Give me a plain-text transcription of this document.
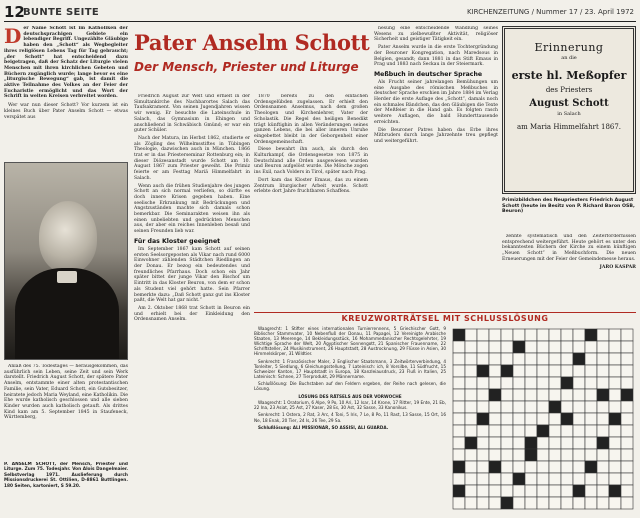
12
BUNTE SEITE	KIRCHENZEITUNG / Nummer 17 / 23. April 1972
D er Name Schott ist im Katholiken der deutschsprachigen Gebiete ein lebendiger Begriff. Ungezählte Gläubige haben den „Schott“ als Wegbegleiter ihres religiösen Lebens Tag für Tag gebraucht; „der Schott“ hat entscheidend dazu beigetragen, daß der Schatz der Liturgie vielen Menschen mit ihren kirchlichen Gebeten und Büchern zugänglich wurde; lange bevor es eine „liturgische Bewegung“ gab, ist damit die aktive Teilnahme des Volkes an der Feier der Eucharistie ermöglicht und das Wort der Schrift in weiten Kreisen verbreitet worden.

Wer war nun dieser Schott? Vor kurzem ist ein kleines Buch über Pater Anselm Schott — etwas verspätet aus

Anlaß des 75. Todestages — herausgekommen, das ausführlich sein Leben, seine Zeit und sein Werk darstellt. Friedrich August Schott, der spätere Pater Anselm, entstammte einer alten protestantischen Familie, sein Vater, Eduard Schott, ein Gutsbesitzer, heiratete jedoch Maria Weyland, eine Katholikin. Die Ehe wurde katholisch geschlossen und alle sieben Kinder wurden auch katholisch getauft. Als drittes Kind kam am 5. September 1845 in Staufeneck, Württemberg,

P. ANSELM SCHOTT, der Mensch, Priester und Liturge. Zum 75. Todesjahr. Von Alois Dangelmaier. Selbstverlag 1971. Auslieferung durch Missionsdruckerei St. Ottilien, D-8861 Buttlingen. 180 Seiten, kartoniert, S 59.20.
Pater Anselm Schott
Der Mensch, Priester und Liturge

Friedrich August zur Welt und erhielt in der Simultankirche des Nachbarortes Salach das Taufsakrament. Von seinen Jugendjahren wissen wir wenig. Er besuchte die Lateinschule in Salach, das Gymnasium in Ehingen und anschließend in Schwäbisch Gmünd; er war ein guter Schüler.

Nach der Matura, im Herbst 1862, studierte er als Zögling des Wilhelmsstiftes in Tübingen Theologie, dazwischen auch in München. 1866 trat er in das Priesterseminar Rottenburg ein; in dieser Diözesanstadt wurde Schott am 10. August 1867 zum Priester geweiht. Die Primiz feierte er am Festtag Mariä Himmelfahrt in Salach.

Wenn auch die frühen Studienjahre des jungen Schott an sich normal verliefen, so dürfte es doch innere Krisen gegeben haben. Eine seelische Erkrankung mit Bedrückungen und Angstzuständen machte sich damals schon bemerkbar. Die Seminarakten weisen ihn als einen unbeliebten und gedrückten Menschen aus, der aber ein reiches Innenleben besaß und seinen Freunden lieb war.

Für das Kloster geeignet

Im September 1867 kam Schott auf seinen ersten Seelsorgeposten als Vikar nach rund 6000 Einwohner zählenden Städtchen Riedlingen an der Donau. Er bezog ein bedeutendes und freundliches Pfarrhaus. Doch schon ein Jahr später bittet der junge Vikar den Bischof um Eintritt in das Kloster Beuron, von dem er schon als Student viel gehört hatte. Sein Pfarrer bemerkte dazu: „Daß Schott ganz gut ins Kloster paßt, die Welt hat gar nicht.“

Am 2. Oktober 1868 trat Schott in Beuron ein und erhielt bei der Einkleidung den Ordensnamen Anselm.

1870 bereits zu den einfachen Ordensgelübden zugelassen. Er erhielt den Ordensnamen Anselmus, nach dem großen Theologen und Kirchenlehrer, Vater der Scholastik. Die Regel des heiligen Benedikt trägt künftighin in allen Veränderungen seines ganzen Lebens, die bei aller inneren Unruhe eingebettet bleibt in der Geborgenheit einer Ordensgemeinschaft.

Diese bewahrt ihn auch, als durch den Kulturkampf, die Ordensgesetze von 1875 in Deutschland alle Orden ausgewiesen wurden und Beuron aufgelöst wurde. Die Mönche zogen ins Exil, nach Volders in Tirol, später nach Prag.

Dort kam das Kloster Emaus, das zu einem Zentrum liturgischer Arbeit wurde. Schott erlebte dort Jahre fruchtbaren Schaffens.

nesung eine entscheidende Wandlung seines Wesens zu zielbewußter Aktivität, religiöser Sicherheit und geistiger Tätigkeit ein.

Pater Anselm wurde in die erste Tochtergründung der Beuroner Kongregation, nach Maredsous in Belgien, gesandt; dann 1881 in das Stift Emaus in Prag und 1883 nach Seckau in der Steiermark.

Meßbuch in deutscher Sprache

Als Frucht seiner jahrelangen Bemühungen um eine Ausgabe des römischen Meßbuches in deutscher Sprache erschien im Jahre 1884 im Verlag Herder die erste Auflage des „Schott“, damals noch ein schmales Bändchen, das den Gläubigen die Texte der Meßfeier in die Hand gab. Es folgten rasch weitere Auflagen, die bald Hunderttausende erreichten.

Die Beuroner Patres haben das Erbe ihres Mitbruders durch lange Jahrzehnte treu gepflegt und weitergeführt.

Erinnerung
an die
erste hl. Meßopfer
des Priesters
August Schott
in Salach
am Maria Himmelfahrt 1867.
Primizbildchen des Neupriesters Friedrich August Schott (heute im Besitz von P. Richard Baron OSB, Beuron)

zehnte systematisch und den Zeiterfordernissen entsprechend weitergeführt. Heute gehört es unter den bekanntesten Büchern der Kirche zu einem künftigen „Neuen Schott“ in Meßbuchform. Die neuen Erneuerungen mit der Feier der Gemeindemesse heraus.

JARO KASPAR

KREUZWORTRÄTSEL MIT SCHLUSSLÖSUNG

Waagrecht: 1 Stifter eines internationalen Turnierrennens, 5 Griechischer Gott, 9 Biblischer Stammvater, 10 Nebenfluß der Donau, 11 Papagei, 12 Vereinigte Arabische Staaten, 13 Meerenge, 14 Bekleidungsstück, 16 Mohammedanischer Rechtsgelehrter, 19 Wichtige Sprache der Welt, 20 Ägyptischer Sonnengott, 21 Spanischer Frauenname, 22 Schriftsteller, 24 Musikinstrument, 26 Hauptstadt, 28 Austrocknung, 29 Flüsse in Asien, 30 Himmelskörper, 31 Wildtier.

Senkrecht: 1 Französischer Maler, 2 Englischer Staatsmann, 3 Zeitwörterverbindung, 4 Tonleiter, 5 Siedlung, 6 Gleichungsstellung, 7 Lateinisch: ich, 8 Vorsilbe, 11 Südfrucht, 15 Schweizer Kanton, 17 Hauptstadt in Europa, 18 Kanzleiausdruck, 23 Fluß in Italien, 25 Lateinisch: Schnee, 27 Tierprodukt, 29 Männername.

Schlußlösung: Die Buchstaben auf den Feldern ergeben, der Reihe nach gelesen, die Lösung.

LÖSUNG DES RÄTSELS AUS DER VORWOCHE

Waagrecht: 1 Oratorium, 6 Alpe, 9 Po, 10 Ari, 12 Isar, 14 Krone, 17 Ritter, 19 Ente, 21 Eb, 22 Ina, 23 Asiat, 25 Ast, 27 Kaser, 28 Es, 30 Ast, 32 Sasse, 33 Kanonikus.

Senkrecht: 1 Ostera, 2 Rat, 3 Arc, 4 Toni, 5 Iris, 7 Le, 8 Po, 11 Rast, 13 Sasse, 15 Ort, 16 Ne, 18 Enak, 20 Tier, 24 Is, 26 Tee, 29 Sa.

Schlußlösung: ALI MISSIONAR, SO ASSISI, ALI GUARDA.
